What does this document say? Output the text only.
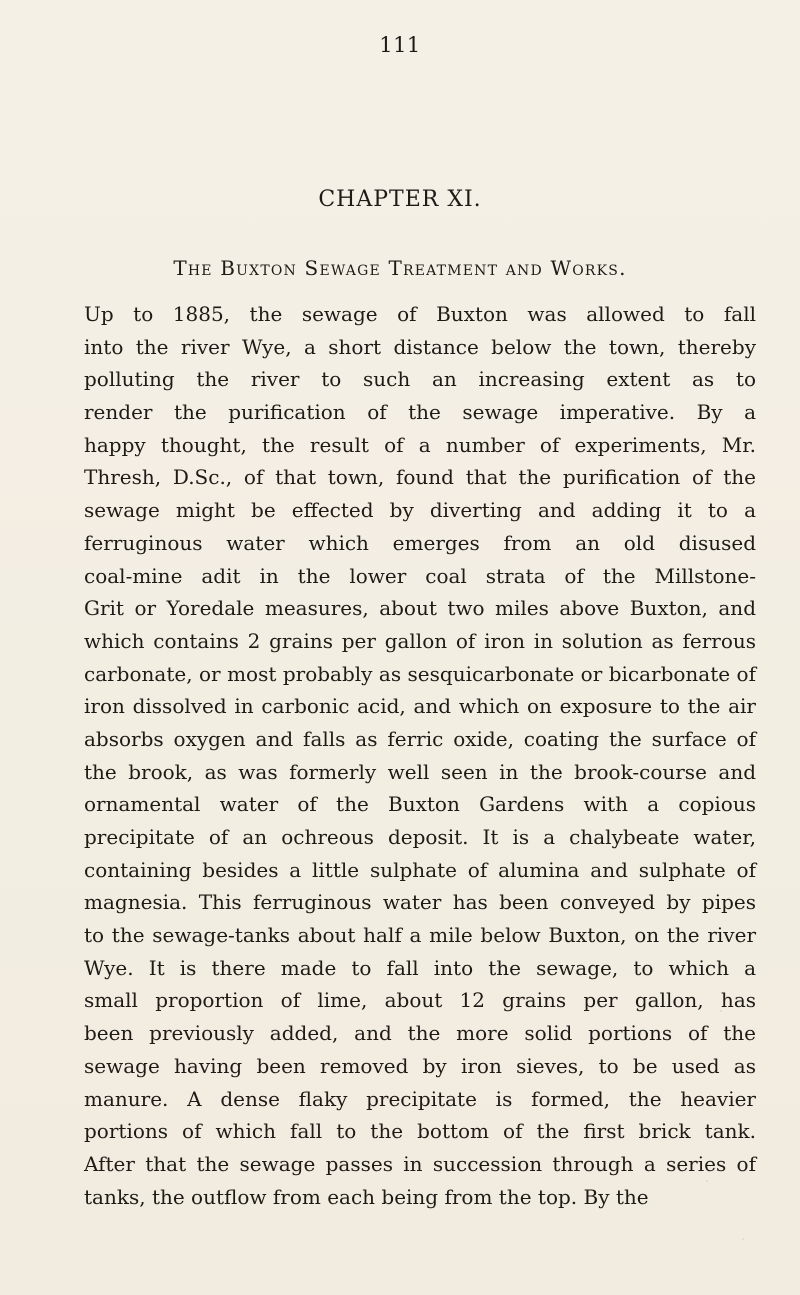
111
CHAPTER XI.
The Buxton Sewage Treatment and Works.
Up to 1885, the sewage of Buxton was allowed to fall
into the river Wye, a short distance below the town, thereby
polluting the river to such an increasing extent as to
render the purification of the sewage imperative. By a
happy thought, the result of a number of experiments, Mr.
Thresh, D.Sc., of that town, found that the purification of the
sewage might be effected by diverting and adding it to a
ferruginous water which emerges from an old disused
coal-mine adit in the lower coal strata of the Millstone-
Grit or Yoredale measures, about two miles above Buxton, and
which contains 2 grains per gallon of iron in solution as ferrous
carbonate, or most probably as sesquicarbonate or bicarbonate of
iron dissolved in carbonic acid, and which on exposure to the air
absorbs oxygen and falls as ferric oxide, coating the surface of
the brook, as was formerly well seen in the brook-course and
ornamental water of the Buxton Gardens with a copious
precipitate of an ochreous deposit. It is a chalybeate water,
containing besides a little sulphate of alumina and sulphate of
magnesia. This ferruginous water has been conveyed by pipes
to the sewage-tanks about half a mile below Buxton, on the river
Wye. It is there made to fall into the sewage, to which a
small proportion of lime, about 12 grains per gallon, has
been previously added, and the more solid portions of the
sewage having been removed by iron sieves, to be used as
manure. A dense flaky precipitate is formed, the heavier
portions of which fall to the bottom of the first brick tank.
After that the sewage passes in succession through a series of
tanks, the outflow from each being from the top. By the
